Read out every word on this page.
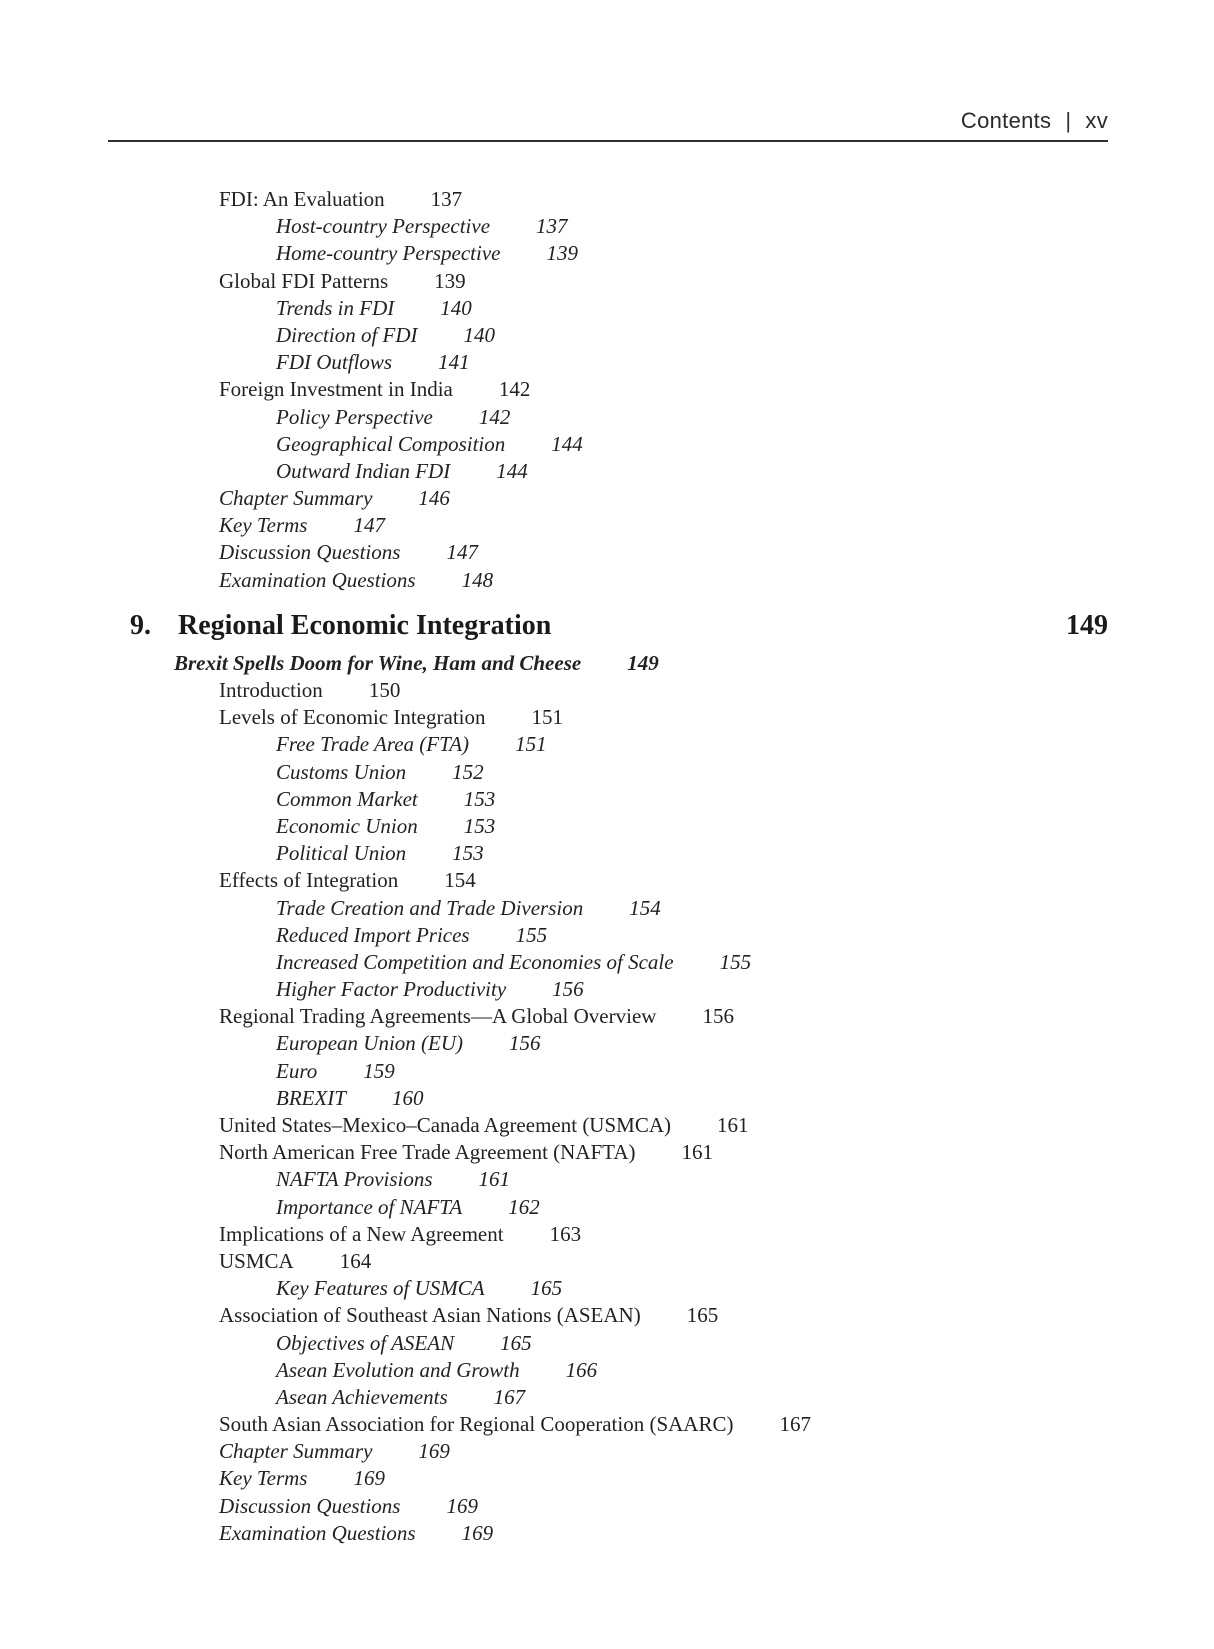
Contents | xv
FDI: An Evaluation 137
Host-country Perspective 137
Home-country Perspective 139
Global FDI Patterns 139
Trends in FDI 140
Direction of FDI 140
FDI Outflows 141
Foreign Investment in India 142
Policy Perspective 142
Geographical Composition 144
Outward Indian FDI 144
Chapter Summary 146
Key Terms 147
Discussion Questions 147
Examination Questions 148
9. Regional Economic Integration	149
Brexit Spells Doom for Wine, Ham and Cheese 149
Introduction 150
Levels of Economic Integration 151
Free Trade Area (FTA) 151
Customs Union 152
Common Market 153
Economic Union 153
Political Union 153
Effects of Integration 154
Trade Creation and Trade Diversion 154
Reduced Import Prices 155
Increased Competition and Economies of Scale 155
Higher Factor Productivity 156
Regional Trading Agreements—A Global Overview 156
European Union (EU) 156
Euro 159
BREXIT 160
United States–Mexico–Canada Agreement (USMCA) 161
North American Free Trade Agreement (NAFTA) 161
NAFTA Provisions 161
Importance of NAFTA 162
Implications of a New Agreement 163
USMCA 164
Key Features of USMCA 165
Association of Southeast Asian Nations (ASEAN) 165
Objectives of ASEAN 165
Asean Evolution and Growth 166
Asean Achievements 167
South Asian Association for Regional Cooperation (SAARC) 167
Chapter Summary 169
Key Terms 169
Discussion Questions 169
Examination Questions 169
